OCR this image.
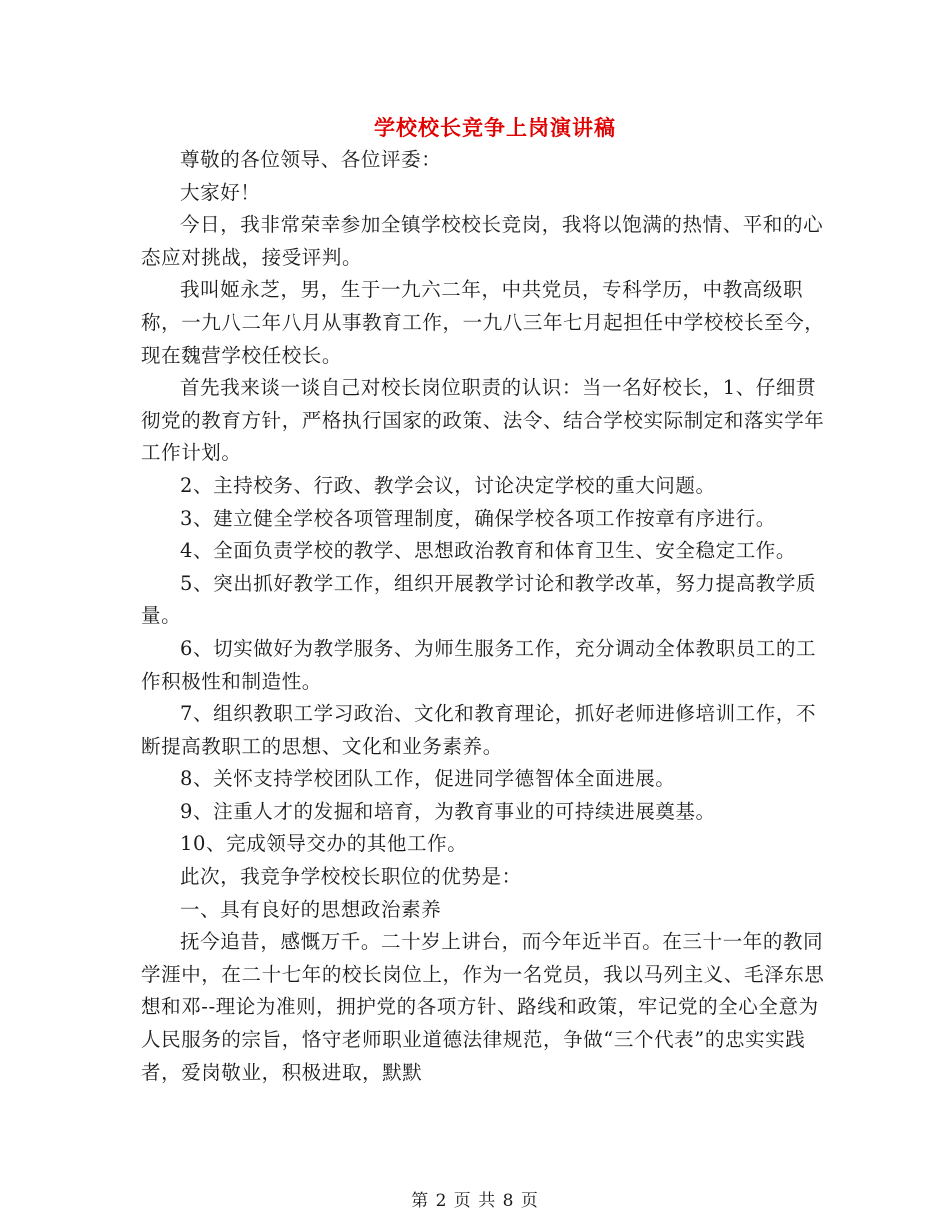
学校校长竞争上岗演讲稿

尊敬的各位领导、各位评委：

大家好！

今日，我非常荣幸参加全镇学校校长竞岗，我将以饱满的热情、平和的心态应对挑战，接受评判。

我叫姬永芝，男，生于一九六二年，中共党员，专科学历，中教高级职称，一九八二年八月从事教育工作，一九八三年七月起担任中学校校长至今，现在魏营学校任校长。

首先我来谈一谈自己对校长岗位职责的认识：当一名好校长，1、仔细贯彻党的教育方针，严格执行国家的政策、法令、结合学校实际制定和落实学年工作计划。

2、主持校务、行政、教学会议，讨论决定学校的重大问题。

3、建立健全学校各项管理制度，确保学校各项工作按章有序进行。

4、全面负责学校的教学、思想政治教育和体育卫生、安全稳定工作。

5、突出抓好教学工作，组织开展教学讨论和教学改革，努力提高教学质量。

6、切实做好为教学服务、为师生服务工作，充分调动全体教职员工的工作积极性和制造性。

7、组织教职工学习政治、文化和教育理论，抓好老师进修培训工作，不断提高教职工的思想、文化和业务素养。

8、关怀支持学校团队工作，促进同学德智体全面进展。

9、注重人才的发掘和培育，为教育事业的可持续进展奠基。

10、完成领导交办的其他工作。

此次，我竞争学校校长职位的优势是：

一、具有良好的思想政治素养

抚今追昔，感慨万千。二十岁上讲台，而今年近半百。在三十一年的教同学涯中，在二十七年的校长岗位上，作为一名党员，我以马列主义、毛泽东思想和邓--理论为准则，拥护党的各项方针、路线和政策，牢记党的全心全意为人民服务的宗旨，恪守老师职业道德法律规范，争做“三个代表”的忠实实践者，爱岗敬业，积极进取，默默

第 2 页 共 8 页
